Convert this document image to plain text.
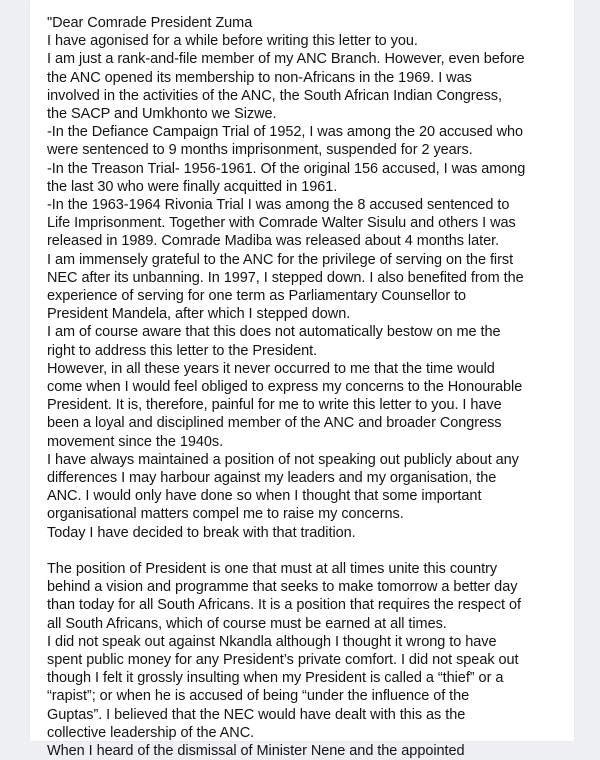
"Dear Comrade President Zuma

I have agonised for a while before writing this letter to you.

I am just a rank-and-file member of my ANC Branch. However, even before

the ANC opened its membership to non-Africans in the 1969. I was

involved in the activities of the ANC, the South African Indian Congress,

the SACP and Umkhonto we Sizwe.

-In the Defiance Campaign Trial of 1952, I was among the 20 accused who

were sentenced to 9 months imprisonment, suspended for 2 years.

-In the Treason Trial- 1956-1961. Of the original 156 accused, I was among

the last 30 who were finally acquitted in 1961.

-In the 1963-1964 Rivonia Trial I was among the 8 accused sentenced to

Life Imprisonment. Together with Comrade Walter Sisulu and others I was

released in 1989. Comrade Madiba was released about 4 months later.

I am immensely grateful to the ANC for the privilege of serving on the first

NEC after its unbanning. In 1997, I stepped down. I also benefited from the

experience of serving for one term as Parliamentary Counsellor to

President Mandela, after which I stepped down.

I am of course aware that this does not automatically bestow on me the

right to address this letter to the President.

However, in all these years it never occurred to me that the time would

come when I would feel obliged to express my concerns to the Honourable

President. It is, therefore, painful for me to write this letter to you. I have

been a loyal and disciplined member of the ANC and broader Congress

movement since the 1940s.

I have always maintained a position of not speaking out publicly about any

differences I may harbour against my leaders and my organisation, the

ANC. I would only have done so when I thought that some important

organisational matters compel me to raise my concerns.

Today I have decided to break with that tradition.

The position of President is one that must at all times unite this country

behind a vision and programme that seeks to make tomorrow a better day

than today for all South Africans. It is a position that requires the respect of

all South Africans, which of course must be earned at all times.

I did not speak out against Nkandla although I thought it wrong to have

spent public money for any President’s private comfort. I did not speak out

though I felt it grossly insulting when my President is called a “thief” or a

“rapist”; or when he is accused of being “under the influence of the

Guptas”. I believed that the NEC would have dealt with this as the

collective leadership of the ANC.

When I heard of the dismissal of Minister Nene and the appointed
